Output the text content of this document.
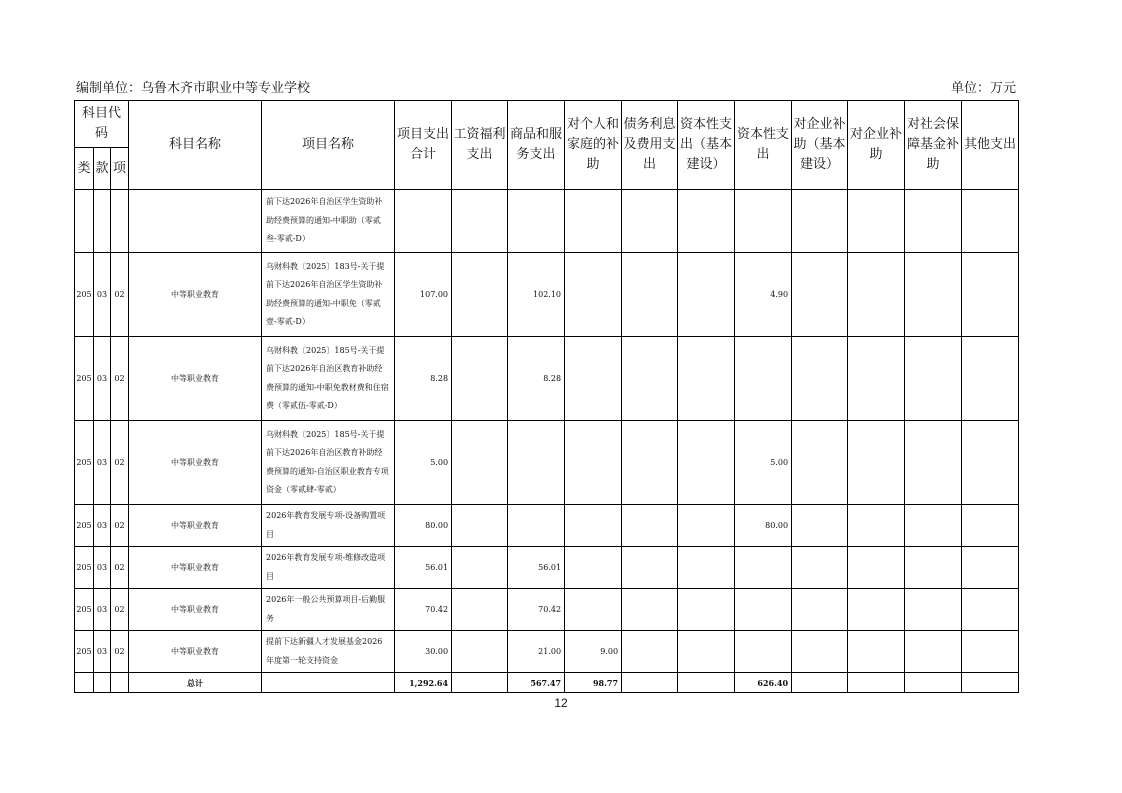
编制单位：乌鲁木齐市职业中等专业学校	单位：万元
科目代码			科目名称	项目名称	项目支出合计	工资福利支出	商品和服务支出	对个人和家庭的补助	债务利息及费用支出	资本性支出（基本建设）	资本性支出	对企业补助（基本建设）	对企业补助	对社会保障基金补助	其他支出
类	款	项													
				前下达2026年自治区学生资助补助经费预算的通知-中职助（零贰叁-零贰-D）											
205	03	02	中等职业教育	乌财科教〔2025〕183号-关于提前下达2026年自治区学生资助补助经费预算的通知-中职免（零贰壹-零贰-D）	107.00		102.10				4.90				
205	03	02	中等职业教育	乌财科教〔2025〕185号-关于提前下达2026年自治区教育补助经费预算的通知-中职免教材费和住宿费（零贰伍-零贰-D）	8.28		8.28								
205	03	02	中等职业教育	乌财科教〔2025〕185号-关于提前下达2026年自治区教育补助经费预算的通知-自治区职业教育专项资金（零贰肆-零贰）	5.00						5.00				
205	03	02	中等职业教育	2026年教育发展专项-设备购置项目	80.00						80.00				
205	03	02	中等职业教育	2026年教育发展专项-维修改造项目	56.01		56.01								
205	03	02	中等职业教育	2026年一般公共预算项目-后勤服务	70.42		70.42								
205	03	02	中等职业教育	提前下达新疆人才发展基金2026年度第一轮支持资金	30.00		21.00	9.00							
			总计		1,292.64		567.47	98.77			626.40				
12
